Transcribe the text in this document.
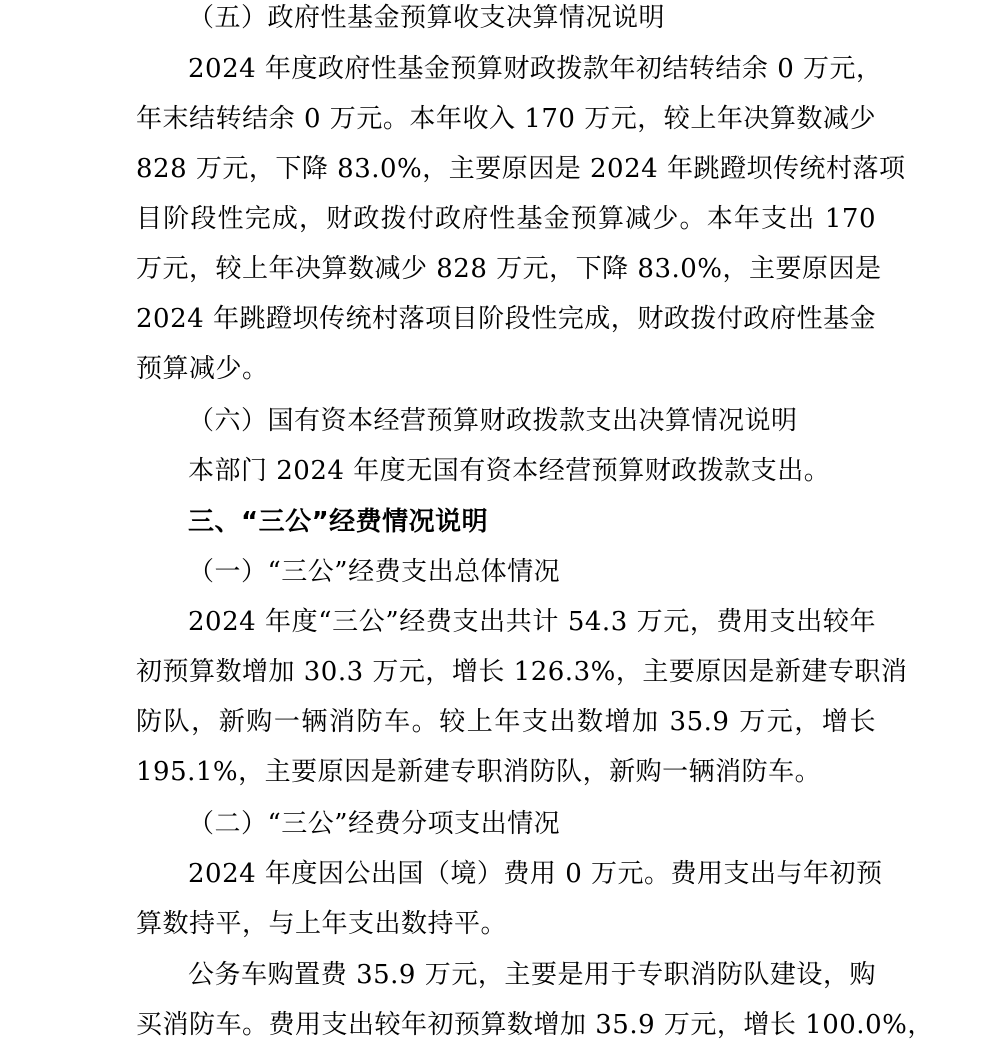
（五）政府性基金预算收支决算情况说明
2024 年度政府性基金预算财政拨款年初结转结余 0 万元，
年末结转结余 0 万元。本年收入 170 万元，较上年决算数减少
828 万元，下降 83.0%，主要原因是 2024 年跳蹬坝传统村落项
目阶段性完成，财政拨付政府性基金预算减少。本年支出 170
万元，较上年决算数减少 828 万元，下降 83.0%，主要原因是
2024 年跳蹬坝传统村落项目阶段性完成，财政拨付政府性基金
预算减少。
（六）国有资本经营预算财政拨款支出决算情况说明
本部门 2024 年度无国有资本经营预算财政拨款支出。
三、“三公”经费情况说明
（一）“三公”经费支出总体情况
2024 年度“三公”经费支出共计 54.3 万元，费用支出较年
初预算数增加 30.3 万元，增长 126.3%，主要原因是新建专职消
防队，新购一辆消防车。较上年支出数增加 35.9 万元，增长
195.1%，主要原因是新建专职消防队，新购一辆消防车。
（二）“三公”经费分项支出情况
2024 年度因公出国（境）费用 0 万元。费用支出与年初预
算数持平，与上年支出数持平。
公务车购置费 35.9 万元，主要是用于专职消防队建设，购
买消防车。费用支出较年初预算数增加 35.9 万元，增长 100.0%，
